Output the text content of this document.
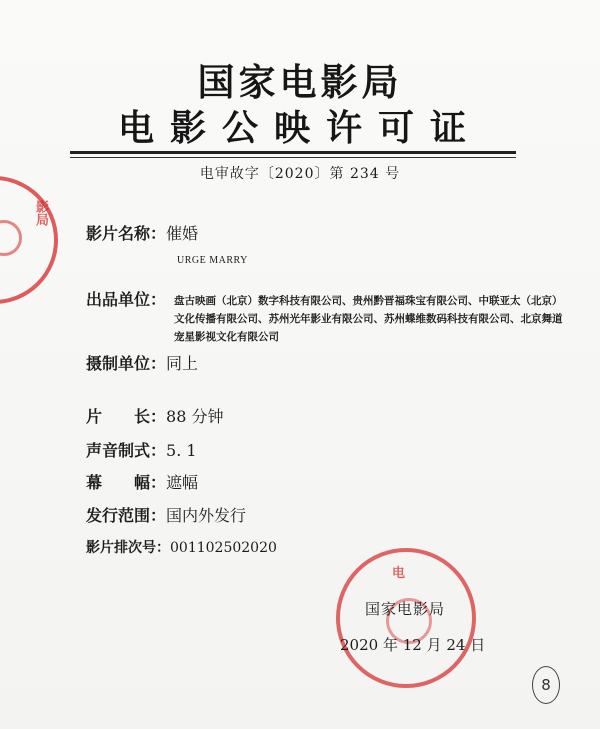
国家电影局
电影公映许可证
电审故字〔2020〕第 234 号
影局
影片名称：催婚
URGE MARRY
出品单位： 盘古映画（北京）数字科技有限公司、贵州黔晋福珠宝有限公司、中联亚太（北京）文化传播有限公司、苏州光年影业有限公司、苏州蝶维数码科技有限公司、北京舞道宠星影视文化有限公司
摄制单位：同上
片　　长：88 分钟
声音制式：5. 1
幕　　幅：遮幅
发行范围：国内外发行
影片排次号：001102502020
电
国家电影局
2020 年 12 月 24 日
8
